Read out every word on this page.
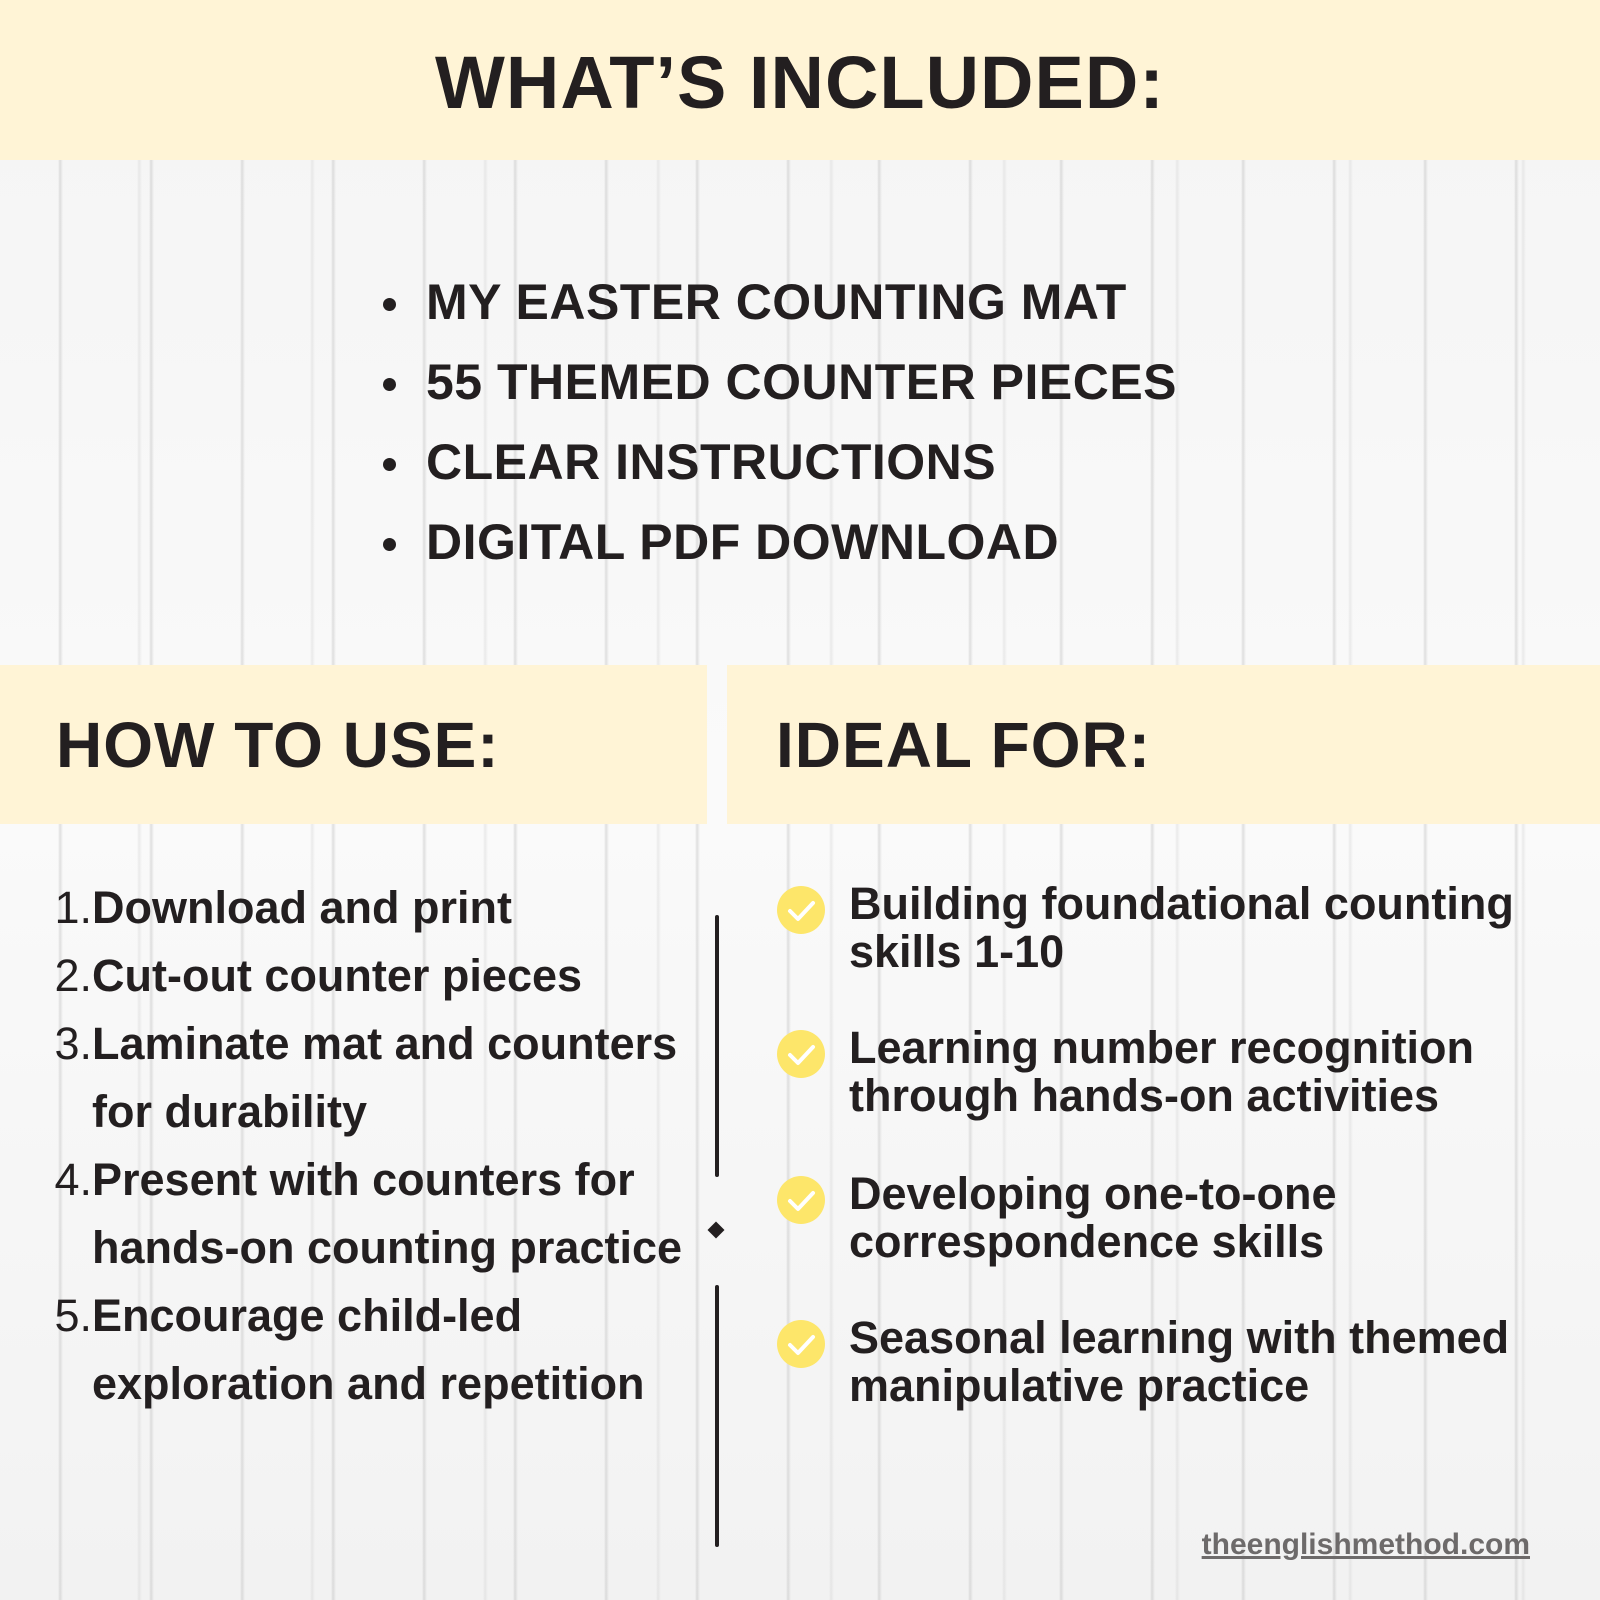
WHAT’S INCLUDED:
MY EASTER COUNTING MAT
55 THEMED COUNTER PIECES
CLEAR INSTRUCTIONS
DIGITAL PDF DOWNLOAD
HOW TO USE:	IDEAL FOR:
1. Download and print
2. Cut-out counter pieces
3. Laminate mat and counters for durability
4. Present with counters for hands-on counting practice
5. Encourage child-led exploration and repetition
Building foundational counting skills 1-10
Learning number recognition through hands-on activities
Developing one-to-one correspondence skills
Seasonal learning with themed manipulative practice
theenglishmethod.com
